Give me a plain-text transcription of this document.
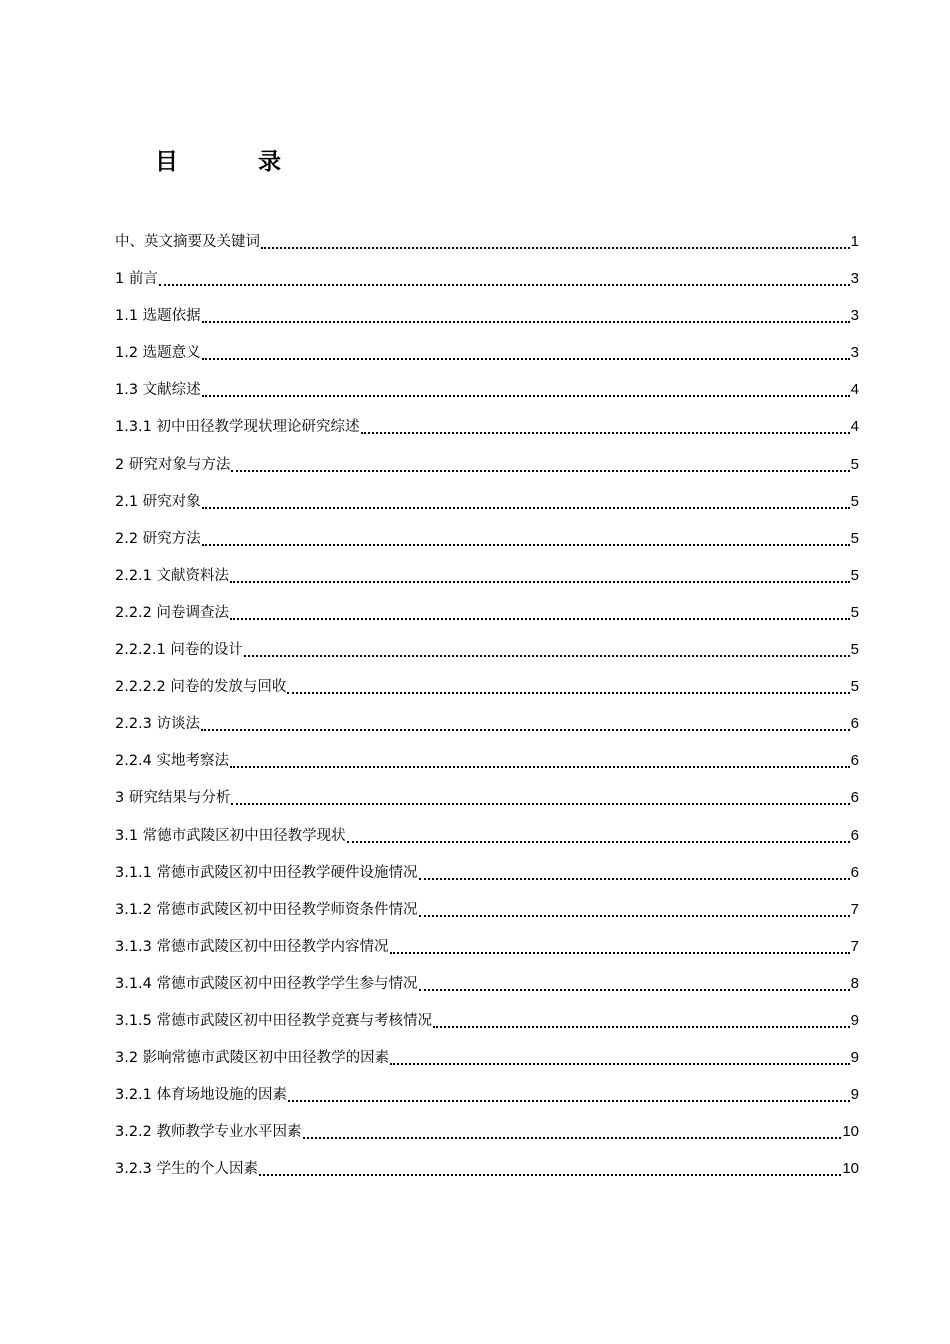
目 录
中、英文摘要及关键词	1
1 前言	3
1.1 选题依据	3
1.2 选题意义	3
1.3 文献综述	4
1.3.1 初中田径教学现状理论研究综述	4
2 研究对象与方法	5
2.1 研究对象	5
2.2 研究方法	5
2.2.1 文献资料法	5
2.2.2 问卷调查法	5
2.2.2.1 问卷的设计	5
2.2.2.2 问卷的发放与回收	5
2.2.3 访谈法	6
2.2.4 实地考察法	6
3 研究结果与分析	6
3.1 常德市武陵区初中田径教学现状	6
3.1.1 常德市武陵区初中田径教学硬件设施情况	6
3.1.2 常德市武陵区初中田径教学师资条件情况	7
3.1.3 常德市武陵区初中田径教学内容情况	7
3.1.4 常德市武陵区初中田径教学学生参与情况	8
3.1.5 常德市武陵区初中田径教学竞赛与考核情况	9
3.2 影响常德市武陵区初中田径教学的因素	9
3.2.1 体育场地设施的因素	9
3.2.2 教师教学专业水平因素	10
3.2.3 学生的个人因素	10
